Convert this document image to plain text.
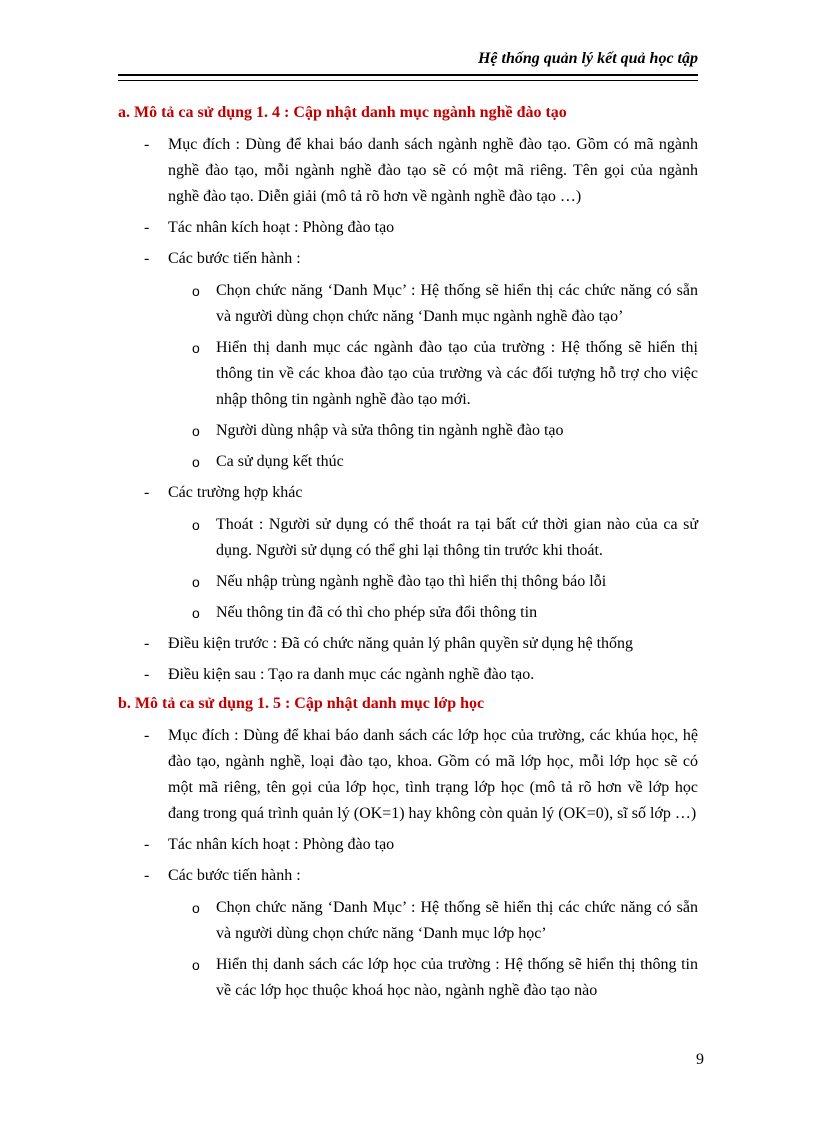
Hệ thống quản lý kết quả học tập
a. Mô tả ca sử dụng 1. 4 : Cập nhật danh mục ngành nghề đào tạo
- Mục đích : Dùng để khai báo danh sách ngành nghề đào tạo. Gồm có mã ngành nghề đào tạo, mỗi ngành nghề đào tạo sẽ có một mã riêng. Tên gọi của ngành nghề đào tạo. Diễn giải (mô tả rõ hơn về ngành nghề đào tạo …)
- Tác nhân kích hoạt : Phòng đào tạo
- Các bước tiến hành :
o Chọn chức năng ‘Danh Mục’ : Hệ thống sẽ hiển thị các chức năng có sẵn và người dùng chọn chức năng ‘Danh mục ngành nghề đào tạo’
o Hiển thị danh mục các ngành đào tạo của trường : Hệ thống sẽ hiển thị thông tin về các khoa đào tạo của trường và các đối tượng hỗ trợ cho việc nhập thông tin ngành nghề đào tạo mới.
o Người dùng nhập và sửa thông tin ngành nghề đào tạo
o Ca sử dụng kết thúc
- Các trường hợp khác
o Thoát : Người sử dụng có thể thoát ra tại bất cứ thời gian nào của ca sử dụng. Người sử dụng có thể ghi lại thông tin trước khi thoát.
o Nếu nhập trùng ngành nghề đào tạo thì hiển thị thông báo lỗi
o Nếu thông tin đã có thì cho phép sửa đổi thông tin
- Điều kiện trước : Đã có chức năng quản lý phân quyền sử dụng hệ thống
- Điều kiện sau : Tạo ra danh mục các ngành nghề đào tạo.
b. Mô tả ca sử dụng 1. 5 : Cập nhật danh mục lớp học
- Mục đích : Dùng để khai báo danh sách các lớp học của trường, các khúa học, hệ đào tạo, ngành nghề, loại đào tạo, khoa. Gồm có mã lớp học, mỗi lớp học sẽ có một mã riêng, tên gọi của lớp học, tình trạng lớp học (mô tả rõ hơn về lớp học đang trong quá trình quản lý (OK=1) hay không còn quản lý (OK=0), sĩ số lớp …)
- Tác nhân kích hoạt : Phòng đào tạo
- Các bước tiến hành :
o Chọn chức năng ‘Danh Mục’ : Hệ thống sẽ hiển thị các chức năng có sẵn và người dùng chọn chức năng ‘Danh mục lớp học’
o Hiển thị danh sách các lớp học của trường : Hệ thống sẽ hiển thị thông tin về các lớp học thuộc khoá học nào, ngành nghề đào tạo nào
9
